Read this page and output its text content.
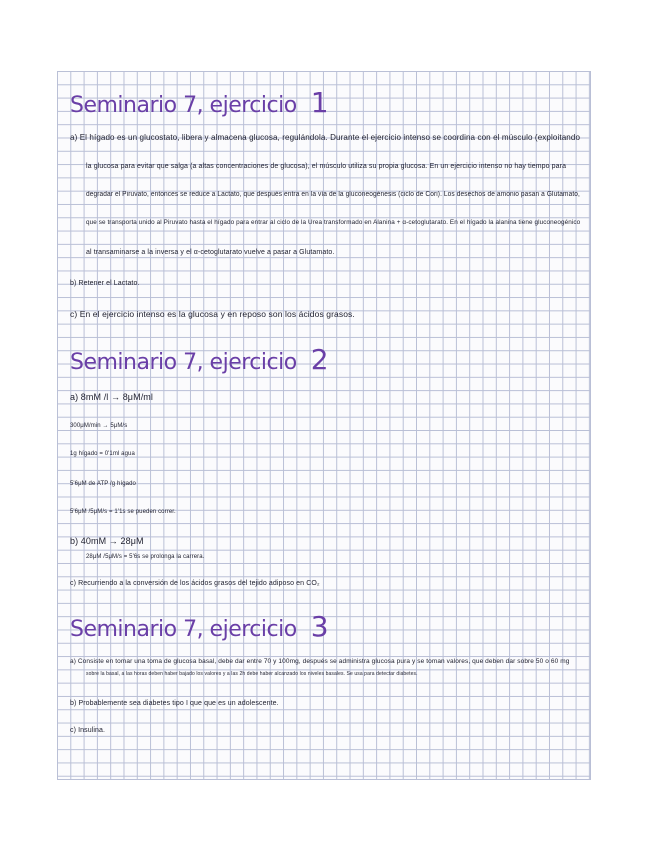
Seminario 7, ejercicio 1
a) El hígado es un glucostato, libera y almacena glucosa, regulándola. Durante el ejercicio intenso se coordina con el músculo (exploitando
la glucosa para evitar que salga (a altas concentraciones de glucosa), el músculo utiliza su propia glucosa. En un ejercicio intenso no hay tiempo para
degradar el Piruvato, entonces se reduce a Lactato, que después entra en la vía de la gluconeogénesis (ciclo de Cori). Los desechos de amonio pasan a Glutamato,
que se transporta unido al Piruvato hasta el hígado para entrar al ciclo de la Urea transformado en Alanina + α-cetoglutarato. En el hígado la alanina tiene gluconeogénico
al transaminarse a la inversa y el α-cetoglutarato vuelve a pasar a Glutamato.
b) Retener el Lactato.
c) En el ejercicio intenso es la glucosa y en reposo son los ácidos grasos.
Seminario 7, ejercicio 2
a) 8mM /l → 8μM/ml
300μM/min → 5μM/s
1g hígado = 0'1ml agua
5'6μM de ATP /g hígado
5'6μM /5μM/s = 1'1s se pueden correr.
b) 40mM → 28μM
28μM /5μM/s = 5'6s se prolonga la carrera.
c) Recurriendo a la conversión de los ácidos grasos del tejido adiposo en CO₂
Seminario 7, ejercicio 3
a) Consiste en tomar una toma de glucosa basal, debe dar entre 70 y 100mg, después se administra glucosa pura y se toman valores, que deben dar sobre 50 o 60 mg
sobre la basal, a las horas deben haber bajado los valores y a las 2h debe haber alcanzado los niveles basales. Se usa para detectar diabetes.
b) Probablemente sea diabetes tipo I que que es un adolescente.
c) Insulina.
